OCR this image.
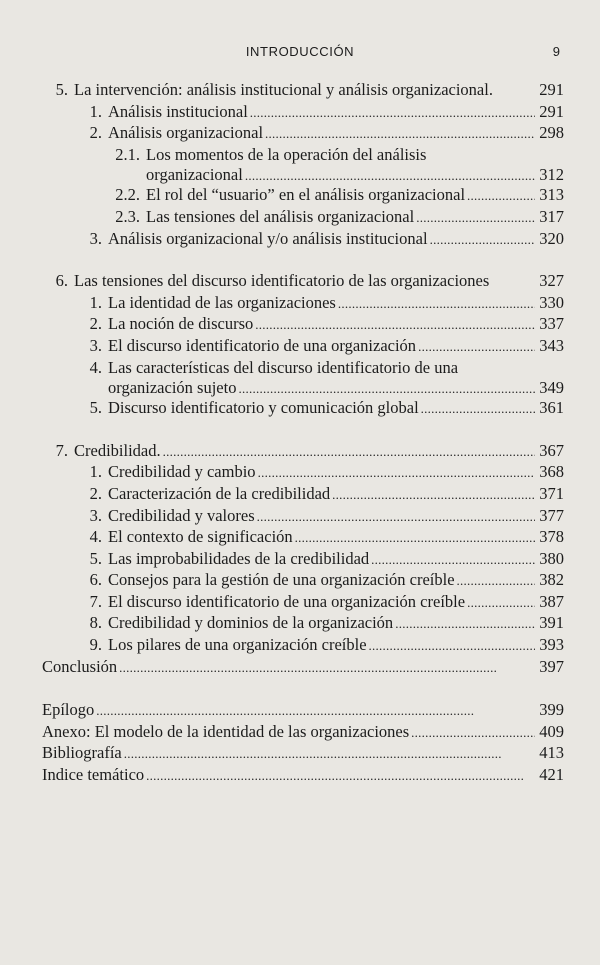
INTRODUCCIÓN	9
5. La intervención: análisis institucional y análisis organizacional.	291
1. Análisis institucional . . .	291
2. Análisis organizacional . . .	298
2.1. Los momentos de la operación del análisis
organizacional . . .	312
2.2. El rol del “usuario” en el análisis organizacional . . .	313
2.3. Las tensiones del análisis organizacional . . .	317
3. Análisis organizacional y/o análisis institucional . . .	320
6. Las tensiones del discurso identificatorio de las organizaciones	327
1. La identidad de las organizaciones . . .	330
2. La noción de discurso . . .	337
3. El discurso identificatorio de una organización . . .	343
4. Las características del discurso identificatorio de una
organización sujeto . . .	349
5. Discurso identificatorio y comunicación global . . .	361
7. Credibilidad. . . .	367
1. Credibilidad y cambio . . .	368
2. Caracterización de la credibilidad . . .	371
3. Credibilidad y valores . . .	377
4. El contexto de significación . . .	378
5. Las improbabilidades de la credibilidad . . .	380
6. Consejos para la gestión de una organización creíble . . .	382
7. El discurso identificatorio de una organización creíble . . .	387
8. Credibilidad y dominios de la organización . . .	391
9. Los pilares de una organización creíble . . .	393
Conclusión . . .	397
Epílogo . . .	399
Anexo: El modelo de la identidad de las organizaciones . . .	409
Bibliografía . . .	413
Indice temático . . .	421
